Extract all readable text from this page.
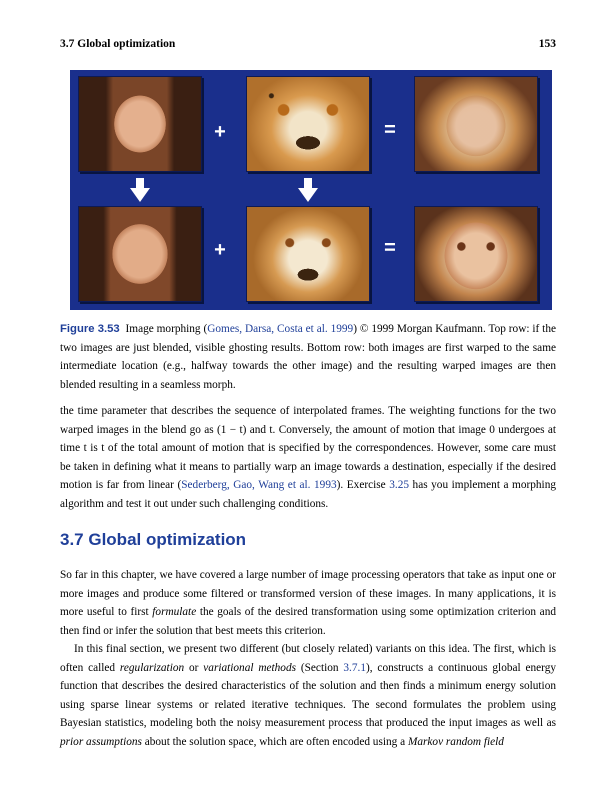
3.7 Global optimization	153
+	=
+	=
Figure 3.53 Image morphing (Gomes, Darsa, Costa et al. 1999) © 1999 Morgan Kaufmann. Top row: if the two images are just blended, visible ghosting results. Bottom row: both images are first warped to the same intermediate location (e.g., halfway towards the other image) and the resulting warped images are then blended resulting in a seamless morph.
the time parameter that describes the sequence of interpolated frames. The weighting functions for the two warped images in the blend go as (1 − t) and t. Conversely, the amount of motion that image 0 undergoes at time t is t of the total amount of motion that is specified by the correspondences. However, some care must be taken in defining what it means to partially warp an image towards a destination, especially if the desired motion is far from linear (Sederberg, Gao, Wang et al. 1993). Exercise 3.25 has you implement a morphing algorithm and test it out under such challenging conditions.
3.7 Global optimization
So far in this chapter, we have covered a large number of image processing operators that take as input one or more images and produce some filtered or transformed version of these images. In many applications, it is more useful to first formulate the goals of the desired transformation using some optimization criterion and then find or infer the solution that best meets this criterion.
In this final section, we present two different (but closely related) variants on this idea. The first, which is often called regularization or variational methods (Section 3.7.1), constructs a continuous global energy function that describes the desired characteristics of the solution and then finds a minimum energy solution using sparse linear systems or related iterative techniques. The second formulates the problem using Bayesian statistics, modeling both the noisy measurement process that produced the input images as well as prior assumptions about the solution space, which are often encoded using a Markov random field
